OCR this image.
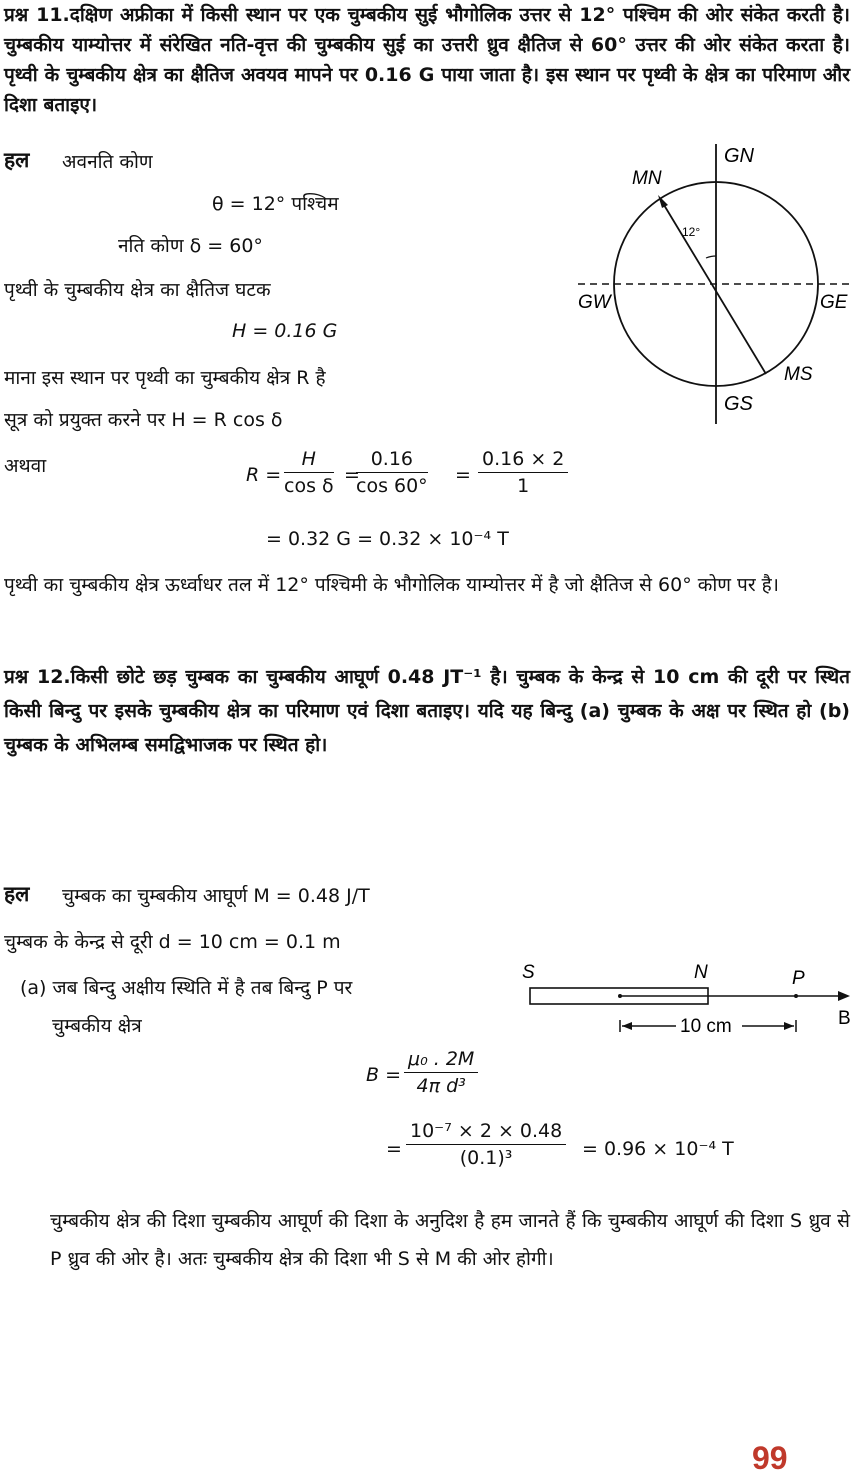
प्रश्न 11.दक्षिण अफ्रीका में किसी स्थान पर एक चुम्बकीय सुई भौगोलिक उत्तर से 12° पश्चिम की ओर संकेत करती है। चुम्बकीय याम्योत्तर में संरेखित नति-वृत्त की चुम्बकीय सुई का उत्तरी ध्रुव क्षैतिज से 60° उत्तर की ओर संकेत करता है। पृथ्वी के चुम्बकीय क्षेत्र का क्षैतिज अवयव मापने पर 0.16 G पाया जाता है। इस स्थान पर पृथ्वी के क्षेत्र का परिमाण और दिशा बताइए।
हल अवनति कोण
θ = 12° पश्चिम
नति कोण δ = 60°
पृथ्वी के चुम्बकीय क्षेत्र का क्षैतिज घटक
H = 0.16 G
माना इस स्थान पर पृथ्वी का चुम्बकीय क्षेत्र R है
सूत्र को प्रयुक्त करने पर H = R cos δ
अथवा	$R = \frac{H}{\text{cos δ}}$ =
$\frac{0.16}{\cos 60^\circ} = \frac{0.16 \times 2}{1}$
= 0.32 G = 0.32 × 10⁻⁴ T
पृथ्वी का चुम्बकीय क्षेत्र ऊर्ध्वाधर तल में 12° पश्चिमी के भौगोलिक याम्योत्तर में है जो क्षैतिज से 60° कोण पर है।
12°
GN
MN
GW	GE
MS
GS
प्रश्न 12.किसी छोटे छड़ चुम्बक का चुम्बकीय आघूर्ण 0.48 JT⁻¹ है। चुम्बक के केन्द्र से 10 cm की दूरी पर स्थित किसी बिन्दु पर इसके चुम्बकीय क्षेत्र का परिमाण एवं दिशा बताइए। यदि यह बिन्दु (a) चुम्बक के अक्ष पर स्थित हो (b) चुम्बक के अभिलम्ब समद्विभाजक पर स्थित हो।
हल चुम्बक का चुम्बकीय आघूर्ण M = 0.48 J/T
चुम्बक के केन्द्र से दूरी d = 10 cm = 0.1 m
(a) जब बिन्दु अक्षीय स्थिति में है तब बिन्दु P पर
चुम्बकीय क्षेत्र
S	N	P
B
10 cm
$B = \frac{\text{μ₀ . 2M}}{\text{4π d³}}$
= $\frac{\text{10⁻⁷ × 2 × 0.48}}{\text{(0.1)³}} = 0.96 \times 10^{-4}$ T
चुम्बकीय क्षेत्र की दिशा चुम्बकीय आघूर्ण की दिशा के अनुदिश है हम जानते हैं कि चुम्बकीय आघूर्ण की दिशा S ध्रुव से P ध्रुव की ओर है। अतः चुम्बकीय क्षेत्र की दिशा भी S से M की ओर होगी।
99
